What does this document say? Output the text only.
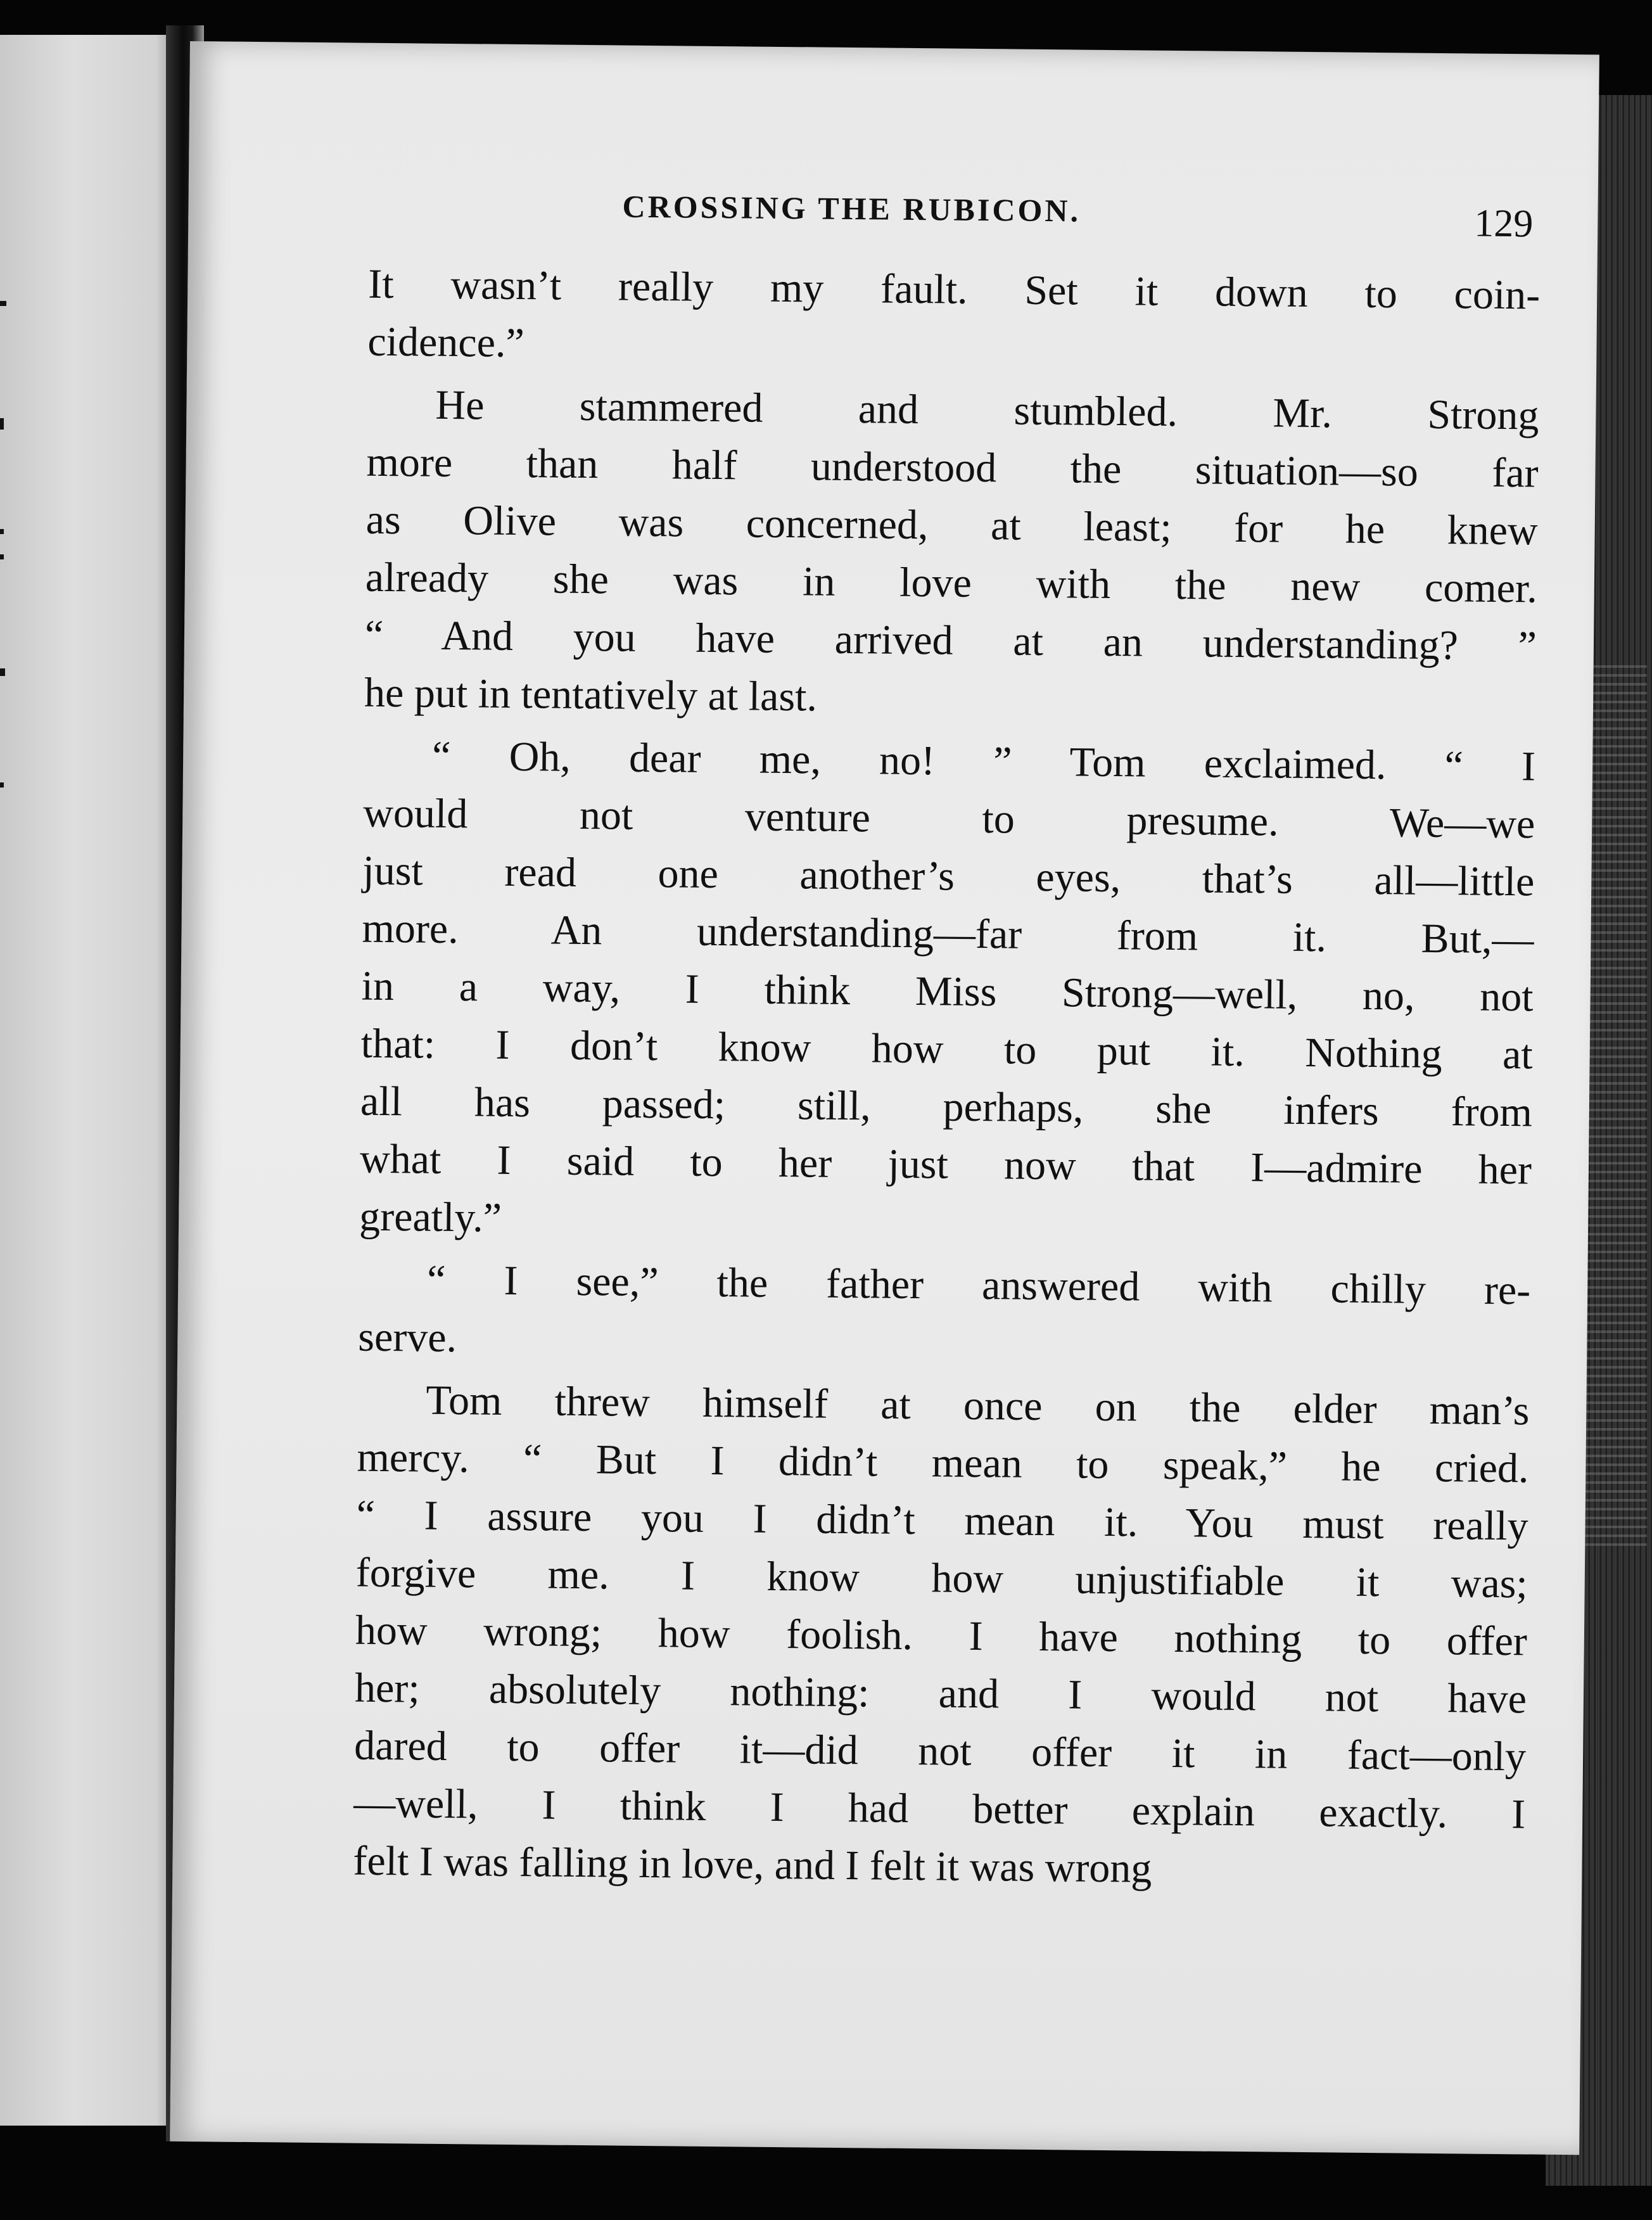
CROSSING THE RUBICON.	129
It wasn’t really my fault. Set it down to coin-
cidence.”
He stammered and stumbled. Mr. Strong
more than half understood the situation—so far
as Olive was concerned, at least; for he knew
already she was in love with the new comer.
“ And you have arrived at an understanding? ”
he put in tentatively at last.
“ Oh, dear me, no! ” Tom exclaimed. “ I
would not venture to presume. We—we
just read one another’s eyes, that’s all—little
more. An understanding—far from it. But,—
in a way, I think Miss Strong—well, no, not
that: I don’t know how to put it. Nothing at
all has passed; still, perhaps, she infers from
what I said to her just now that I—admire her
greatly.”
“ I see,” the father answered with chilly re-
serve.
Tom threw himself at once on the elder man’s
mercy. “ But I didn’t mean to speak,” he cried.
“ I assure you I didn’t mean it. You must really
forgive me. I know how unjustifiable it was;
how wrong; how foolish. I have nothing to offer
her; absolutely nothing: and I would not have
dared to offer it—did not offer it in fact—only
—well, I think I had better explain exactly. I
felt I was falling in love, and I felt it was wrong
